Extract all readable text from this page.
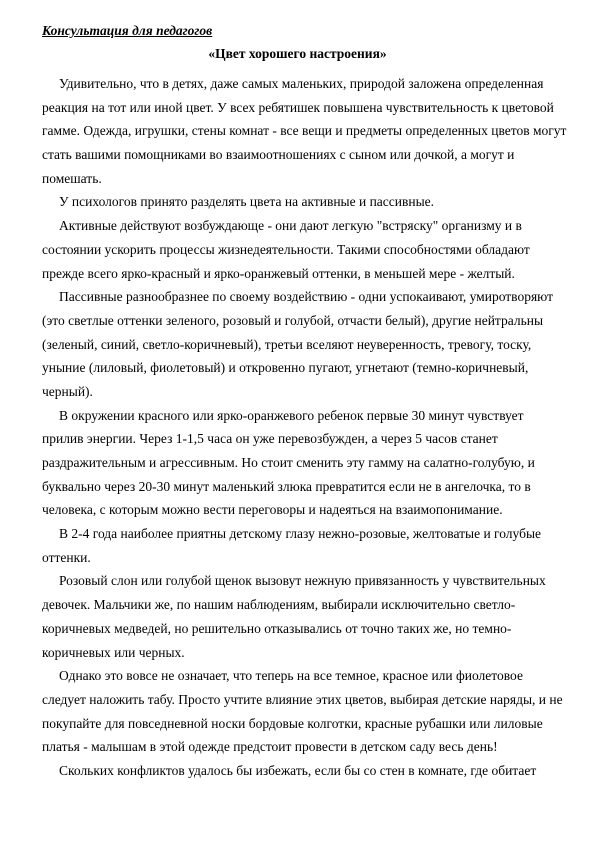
Консультация для педагогов
«Цвет хорошего настроения»
Удивительно, что в детях, даже самых маленьких, природой заложена определенная
реакция на тот или иной цвет. У всех ребятишек повышена чувствительность к цветовой
гамме. Одежда, игрушки, стены комнат - все вещи и предметы определенных цветов могут
стать вашими помощниками во взаимоотношениях с сыном или дочкой, а могут и
помешать.
У психологов принято разделять цвета на активные и пассивные.
Активные действуют возбуждающе - они дают легкую "встряску" организму и в
состоянии ускорить процессы жизнедеятельности. Такими способностями обладают
прежде всего ярко-красный и ярко-оранжевый оттенки, в меньшей мере - желтый.
Пассивные разнообразнее по своему воздействию - одни успокаивают, умиротворяют
(это светлые оттенки зеленого, розовый и голубой, отчасти белый), другие нейтральны
(зеленый, синий, светло-коричневый), третьи вселяют неуверенность, тревогу, тоску,
уныние (лиловый, фиолетовый) и откровенно пугают, угнетают (темно-коричневый,
черный).
В окружении красного или ярко-оранжевого ребенок первые 30 минут чувствует
прилив энергии. Через 1-1,5 часа он уже перевозбужден, а через 5 часов станет
раздражительным и агрессивным. Но стоит сменить эту гамму на салатно-голубую, и
буквально через 20-30 минут маленький злюка превратится если не в ангелочка, то в
человека, с которым можно вести переговоры и надеяться на взаимопонимание.
В 2-4 года наиболее приятны детскому глазу нежно-розовые, желтоватые и голубые
оттенки.
Розовый слон или голубой щенок вызовут нежную привязанность у чувствительных
девочек. Мальчики же, по нашим наблюдениям, выбирали исключительно светло-
коричневых медведей, но решительно отказывались от точно таких же, но темно-
коричневых или черных.
Однако это вовсе не означает, что теперь на все темное, красное или фиолетовое
следует наложить табу. Просто учтите влияние этих цветов, выбирая детские наряды, и не
покупайте для повседневной носки бордовые колготки, красные рубашки или лиловые
платья - малышам в этой одежде предстоит провести в детском саду весь день!
Скольких конфликтов удалось бы избежать, если бы со стен в комнате, где обитает
